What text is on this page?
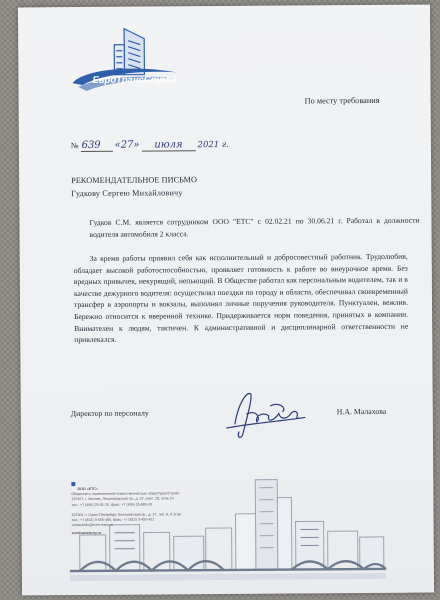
ЕвроТрансСтрой
По месту требования
№ 639 «27» июля 2021 г.
РЕКОМЕНДАТЕЛЬНОЕ ПИСЬМО
Гудкову Сергею Михайловичу
Гудков С.М. является сотрудником ООО "ЕТС" с 02.02.21 по 30.06.21 г. Работал в должности водителя автомобиля 2 класса.
За время работы проявил себя как исполнительный и добросовестный работник. Трудолюбив, обладает высокой работоспособностью, проявляет готовность к работе во внеурочное время. Без вредных привычек, некурящий, непьющий. В Обществе работал как персональным водителем, так и в качестве дежурного водителя: осуществлял поездки по городу и области, обеспечивал своевременный трансфер в аэропорты и вокзалы, выполнял личные поручения руководителя. Пунктуален, вежлив. Бережно относится к вверенной технике. Придерживается норм поведения, принятых в компании. Внимателен к людям, тактичен. К административной и дисциплинарной ответственности не привлекался.
Директор по персоналу	Н.А. Малахова
ООО «ЕТС»
Общество с ограниченной ответственностью «ЕвроТрансСтрой»
125167, г. Москва, Ленинградский пр., д. 37, корп. 28, этаж 2ч
тел.: +7 (495) 25-01-25, факс: +7 (495) 25-885-59

197301, г. Санкт-Петербург, Коломяжский пр., д. 27, лит. А, 9 этаж
тел.: +7 (812) 3-455-485, факс: +7 (812) 3-455-421
contactinfo@euro-trans.ru
eurotransstroy.ru
